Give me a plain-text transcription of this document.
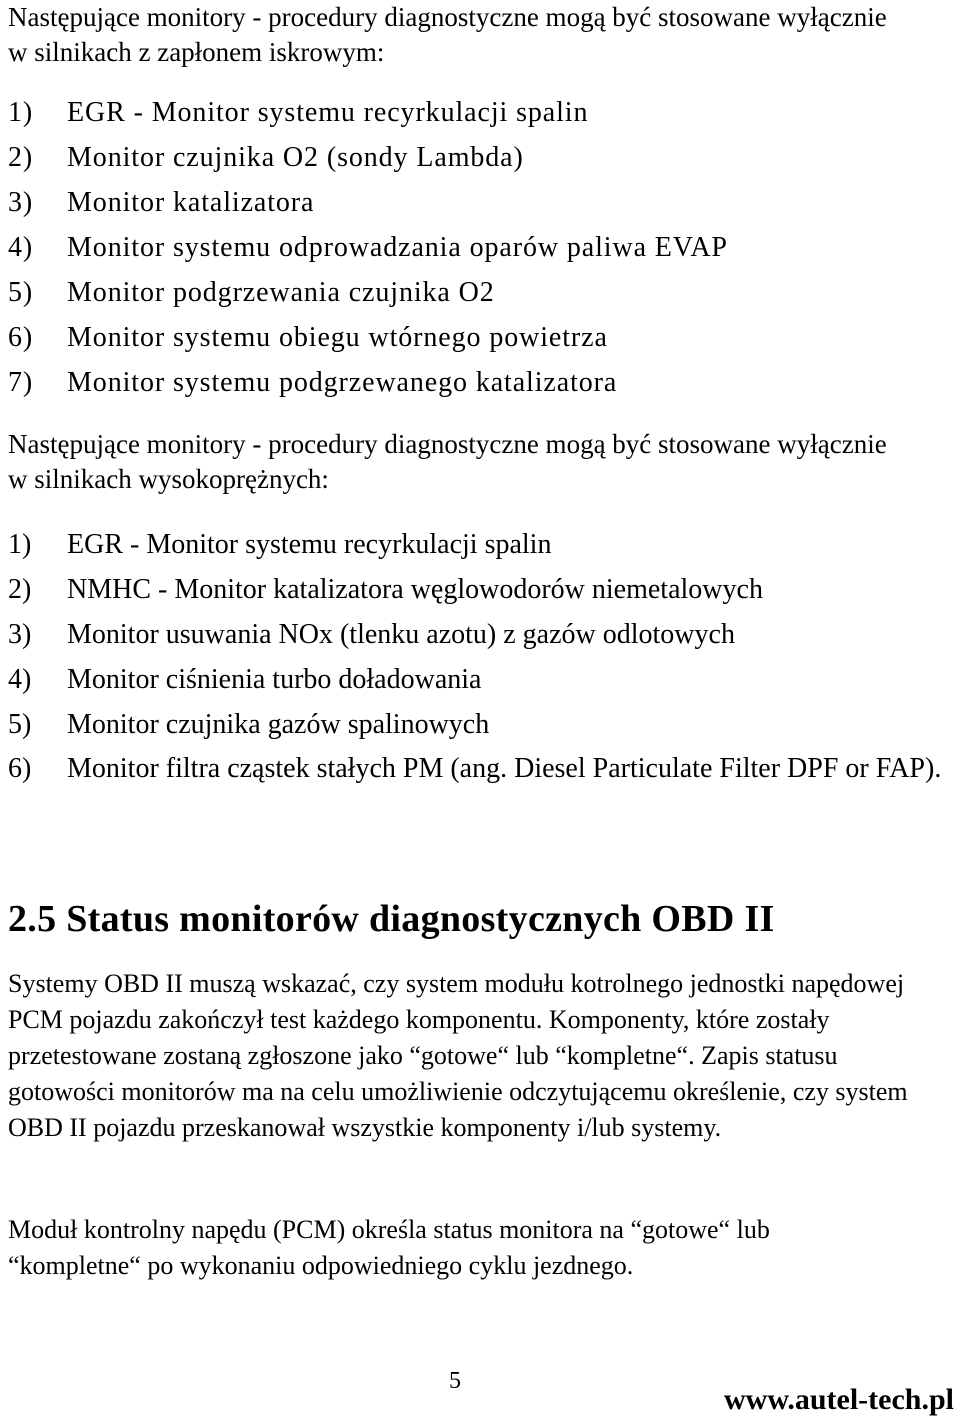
Następujące monitory - procedury diagnostyczne mogą być stosowane wyłącznie w silnikach z zapłonem iskrowym:

1)	EGR - Monitor systemu recyrkulacji spalin
2)	Monitor czujnika O2 (sondy Lambda)
3)	Monitor katalizatora
4)	Monitor systemu odprowadzania oparów paliwa EVAP
5)	Monitor podgrzewania czujnika O2
6)	Monitor systemu obiegu wtórnego powietrza
7)	Monitor systemu podgrzewanego katalizatora

Następujące monitory - procedury diagnostyczne mogą być stosowane wyłącznie w silnikach wysokoprężnych:

1)	EGR - Monitor systemu recyrkulacji spalin
2)	NMHC - Monitor katalizatora węglowodorów niemetalowych
3)	Monitor usuwania NOx (tlenku azotu) z gazów odlotowych
4)	Monitor ciśnienia turbo doładowania
5)	Monitor czujnika gazów spalinowych
6)	Monitor filtra cząstek stałych PM (ang. Diesel Particulate Filter DPF or FAP).
2.5 Status monitorów diagnostycznych OBD II

Systemy OBD II muszą wskazać, czy system modułu kotrolnego jednostki napędowej PCM pojazdu zakończył test każdego komponentu. Komponenty, które zostały przetestowane zostaną zgłoszone jako “gotowe“ lub “kompletne“. Zapis statusu gotowości monitorów ma na celu umożliwienie odczytującemu określenie, czy system OBD II pojazdu przeskanował wszystkie komponenty i/lub systemy.

Moduł kontrolny napędu (PCM) określa status monitora na “gotowe“ lub “kompletne“ po wykonaniu odpowiedniego cyklu jezdnego.

5
www.autel-tech.pl
